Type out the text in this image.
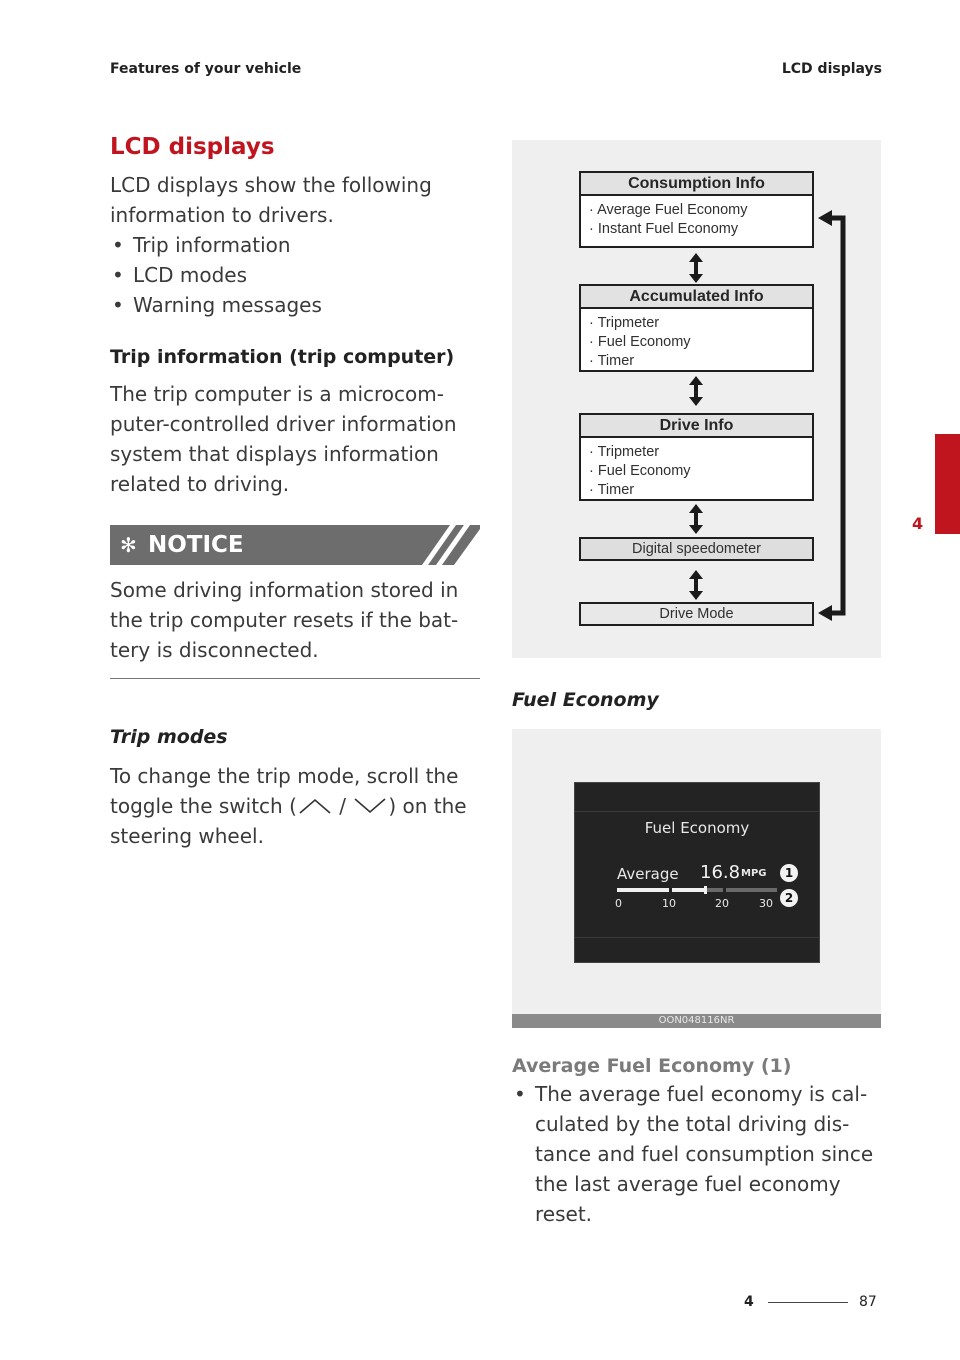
Features of your vehicle	LCD displays
LCD displays
LCD displays show the following information to drivers.
• Trip information
• LCD modes
• Warning messages
Trip information (trip computer)
The trip computer is a microcom-puter-controlled driver information system that displays information related to driving.
✻ NOTICE
Some driving information stored in the trip computer resets if the bat-tery is disconnected.
Trip modes
To change the trip mode, scroll the toggle the switch ( / ) on the steering wheel.
Consumption Info
· Average Fuel Economy
· Instant Fuel Economy
Accumulated Info
· Tripmeter
· Fuel Economy
· Timer
Drive Info
· Tripmeter
· Fuel Economy
· Timer
Digital speedometer
Drive Mode
Fuel Economy
Fuel Economy
Average 16.8 MPG	1
2
0	10	20	30
OON048116NR
Average Fuel Economy (1)
• The average fuel economy is cal-culated by the total driving dis-tance and fuel consumption since the last average fuel economy reset.
4
4	87
